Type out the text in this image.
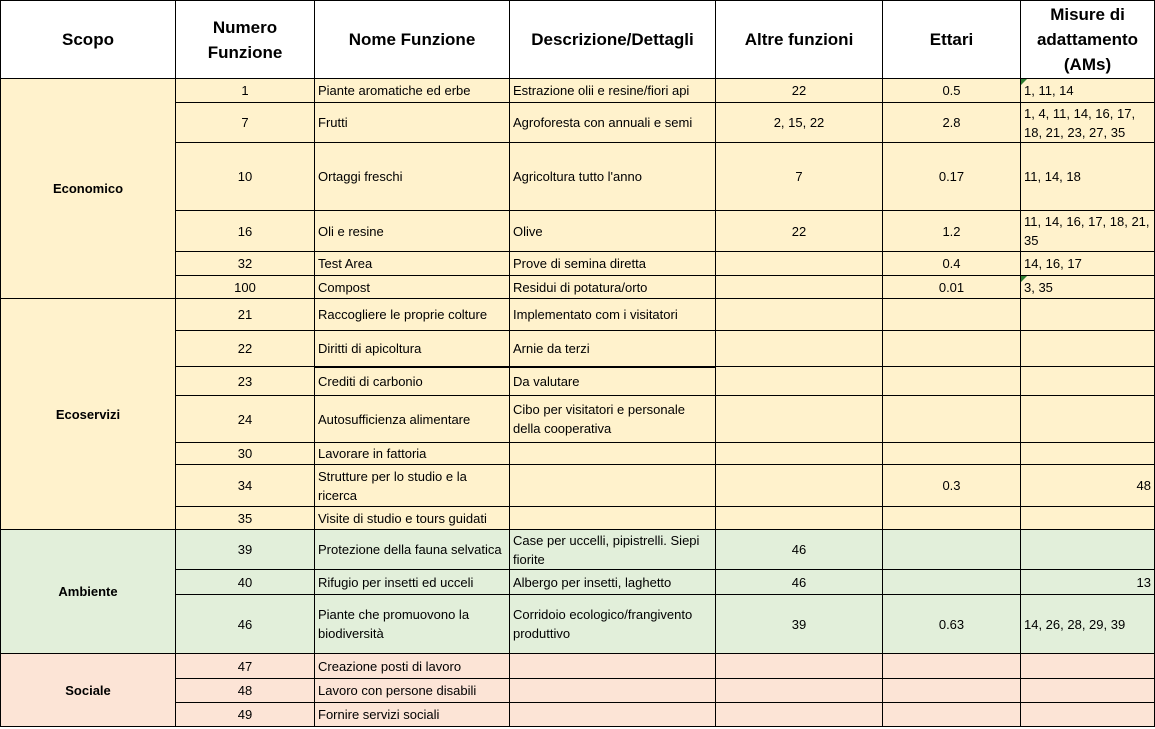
Scopo	Numero Funzione	Nome Funzione	Descrizione/Dettagli	Altre funzioni	Ettari	Misure di adattamento (AMs)
Economico	1	Piante aromatiche ed erbe	Estrazione olii e resine/fiori api	22	0.5	1, 11, 14
	7	Frutti	Agroforesta con annuali e semi	2, 15, 22	2.8	1, 4, 11, 14, 16, 17, 18, 21, 23, 27, 35
	10	Ortaggi freschi	Agricoltura tutto l'anno	7	0.17	11, 14, 18
	16	Oli e resine	Olive	22	1.2	11, 14, 16, 17, 18, 21, 35
	32	Test Area	Prove di semina diretta		0.4	14, 16, 17
	100	Compost	Residui di potatura/orto		0.01	3, 35
Ecoservizi	21	Raccogliere le proprie colture	Implementato com i visitatori			
	22	Diritti di apicoltura	Arnie da terzi			
	23	Crediti di carbonio	Da valutare			
	24	Autosufficienza alimentare	Cibo per visitatori e personale della cooperativa			
	30	Lavorare in fattoria				
	34	Strutture per lo studio e la ricerca			0.3	48
	35	Visite di studio e tours guidati				
Ambiente	39	Protezione della fauna selvatica	Case per uccelli, pipistrelli. Siepi fiorite	46		
	40	Rifugio per insetti ed ucceli	Albergo per insetti, laghetto	46		13
	46	Piante che promuovono la biodiversità	Corridoio ecologico/frangivento produttivo	39	0.63	14, 26, 28, 29, 39
Sociale	47	Creazione posti di lavoro				
	48	Lavoro con persone disabili				
	49	Fornire servizi sociali				
